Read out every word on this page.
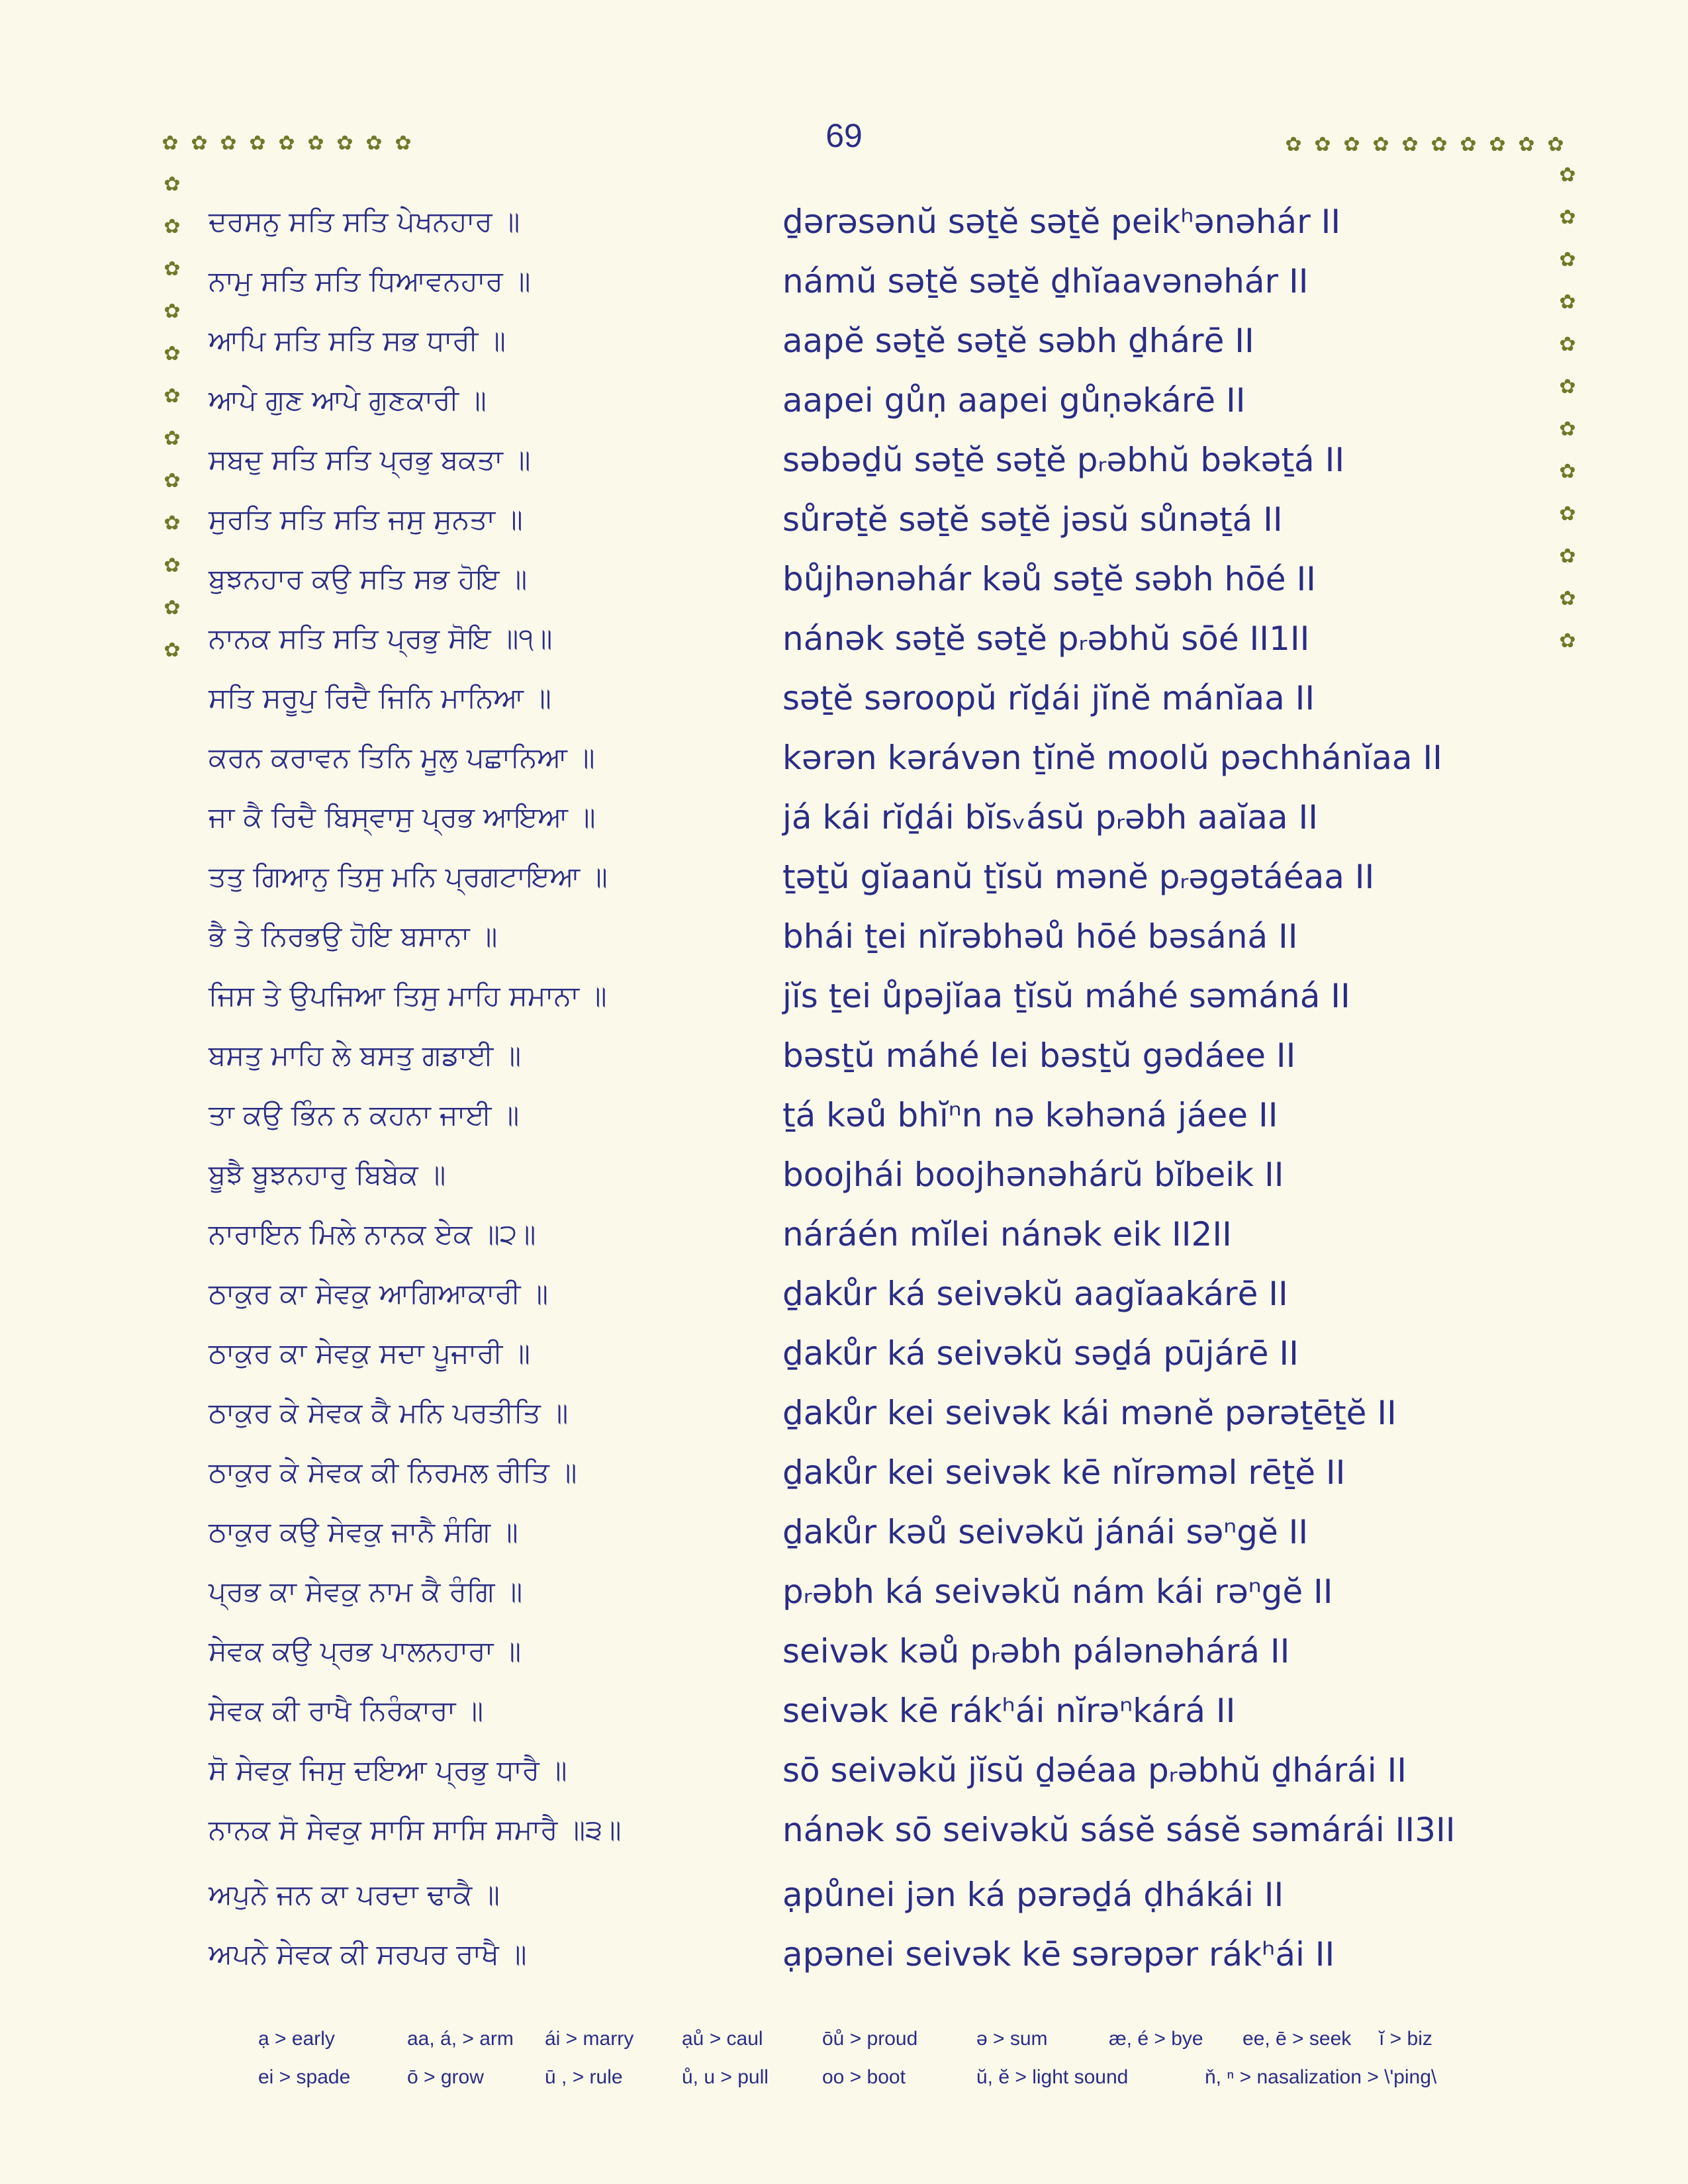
69
✿ ✿ ✿ ✿ ✿ ✿ ✿ ✿ ✿	✿ ✿ ✿ ✿ ✿ ✿ ✿ ✿ ✿ ✿
✿
✿
✿
✿
✿
✿
✿
✿
✿
✿
✿
✿
✿
✿
✿
✿
✿
✿
✿
✿
✿
✿
✿
✿
ਦਰਸਨੁ ਸਤਿ ਸਤਿ ਪੇਖਨਹਾਰ ॥	ḏərəsənŭ səṯĕ səṯĕ peikʰənəhár II
ਨਾਮੁ ਸਤਿ ਸਤਿ ਧਿਆਵਨਹਾਰ ॥	námŭ səṯĕ səṯĕ ḏhĭaavənəhár II
ਆਪਿ ਸਤਿ ਸਤਿ ਸਭ ਧਾਰੀ ॥	aapĕ səṯĕ səṯĕ səbh ḏhárē II
ਆਪੇ ਗੁਣ ਆਪੇ ਗੁਣਕਾਰੀ ॥	aapei gůṇ aapei gůṇəkárē II
ਸਬਦੁ ਸਤਿ ਸਤਿ ਪ੍ਰਭੁ ਬਕਤਾ ॥	səbəḏŭ səṯĕ səṯĕ pᵣəbhŭ bəkəṯá II
ਸੁਰਤਿ ਸਤਿ ਸਤਿ ਜਸੁ ਸੁਨਤਾ ॥	sůrəṯĕ səṯĕ səṯĕ jəsŭ sůnəṯá II
ਬੁਝਨਹਾਰ ਕਉ ਸਤਿ ਸਭ ਹੋਇ ॥	bůjhənəhár kəů səṯĕ səbh hōé II
ਨਾਨਕ ਸਤਿ ਸਤਿ ਪ੍ਰਭੁ ਸੋਇ ॥੧॥	nánək səṯĕ səṯĕ pᵣəbhŭ sōé II1II
ਸਤਿ ਸਰੂਪੁ ਰਿਦੈ ਜਿਨਿ ਮਾਨਿਆ ॥	səṯĕ səroopŭ rĭḏái jĭnĕ mánĭaa II
ਕਰਨ ਕਰਾਵਨ ਤਿਨਿ ਮੂਲੁ ਪਛਾਨਿਆ ॥	kərən kərávən ṯĭnĕ moolŭ pəchhánĭaa II
ਜਾ ਕੈ ਰਿਦੈ ਬਿਸ੍ਵਾਸੁ ਪ੍ਰਭ ਆਇਆ ॥	já kái rĭḏái bĭsᵥásŭ pᵣəbh aaĭaa II
ਤਤੁ ਗਿਆਨੁ ਤਿਸੁ ਮਨਿ ਪ੍ਰਗਟਾਇਆ ॥	ṯəṯŭ gĭaanŭ ṯĭsŭ mənĕ pᵣəgətáéaa II
ਭੈ ਤੇ ਨਿਰਭਉ ਹੋਇ ਬਸਾਨਾ ॥	bhái ṯei nĭrəbhəů hōé bəsáná II
ਜਿਸ ਤੇ ਉਪਜਿਆ ਤਿਸੁ ਮਾਹਿ ਸਮਾਨਾ ॥	jĭs ṯei ůpəjĭaa ṯĭsŭ máhé səmáná II
ਬਸਤੁ ਮਾਹਿ ਲੇ ਬਸਤੁ ਗਡਾਈ ॥	bəsṯŭ máhé lei bəsṯŭ gədáee II
ਤਾ ਕਉ ਭਿੰਨ ਨ ਕਹਨਾ ਜਾਈ ॥	ṯá kəů bhĭⁿn nə kəhəná jáee II
ਬੂਝੈ ਬੂਝਨਹਾਰੁ ਬਿਬੇਕ ॥	boojhái boojhənəhárŭ bĭbeik II
ਨਾਰਾਇਨ ਮਿਲੇ ਨਾਨਕ ਏਕ ॥੨॥	náráén mĭlei nánək eik II2II
ਠਾਕੁਰ ਕਾ ਸੇਵਕੁ ਆਗਿਆਕਾਰੀ ॥	ḏakůr ká seivəkŭ aagĭaakárē II
ਠਾਕੁਰ ਕਾ ਸੇਵਕੁ ਸਦਾ ਪੂਜਾਰੀ ॥	ḏakůr ká seivəkŭ səḏá pūjárē II
ਠਾਕੁਰ ਕੇ ਸੇਵਕ ਕੈ ਮਨਿ ਪਰਤੀਤਿ ॥	ḏakůr kei seivək kái mənĕ pərəṯēṯĕ II
ਠਾਕੁਰ ਕੇ ਸੇਵਕ ਕੀ ਨਿਰਮਲ ਰੀਤਿ ॥	ḏakůr kei seivək kē nĭrəməl rēṯĕ II
ਠਾਕੁਰ ਕਉ ਸੇਵਕੁ ਜਾਨੈ ਸੰਗਿ ॥	ḏakůr kəů seivəkŭ jánái səⁿgĕ II
ਪ੍ਰਭ ਕਾ ਸੇਵਕੁ ਨਾਮ ਕੈ ਰੰਗਿ ॥	pᵣəbh ká seivəkŭ nám kái rəⁿgĕ II
ਸੇਵਕ ਕਉ ਪ੍ਰਭ ਪਾਲਨਹਾਰਾ ॥	seivək kəů pᵣəbh pálənəhárá II
ਸੇਵਕ ਕੀ ਰਾਖੈ ਨਿਰੰਕਾਰਾ ॥	seivək kē rákʰái nĭrəⁿkárá II
ਸੋ ਸੇਵਕੁ ਜਿਸੁ ਦਇਆ ਪ੍ਰਭੁ ਧਾਰੈ ॥	sō seivəkŭ jĭsŭ ḏəéaa pᵣəbhŭ ḏhárái II
ਨਾਨਕ ਸੋ ਸੇਵਕੁ ਸਾਸਿ ਸਾਸਿ ਸਮਾਰੈ ॥੩॥	nánək sō seivəkŭ sásĕ sásĕ səmárái II3II
ਅਪੁਨੇ ਜਨ ਕਾ ਪਰਦਾ ਢਾਕੈ ॥	ạpůnei jən ká pərəḏá ḍhákái II
ਅਪਨੇ ਸੇਵਕ ਕੀ ਸਰਪਰ ਰਾਖੈ ॥	ạpənei seivək kē sərəpər rákʰái II
ạ > early	aa, á, > arm ái > marry ạů > caul	ōů > proud	ə > sum	æ, é > bye ee, ē > seek ĭ > biz
ei > spade	ō > grow	ū , > rule	ů, u > pull	oo > boot	ŭ, ĕ > light sound	ň, ⁿ > nasalization > \'ping\
